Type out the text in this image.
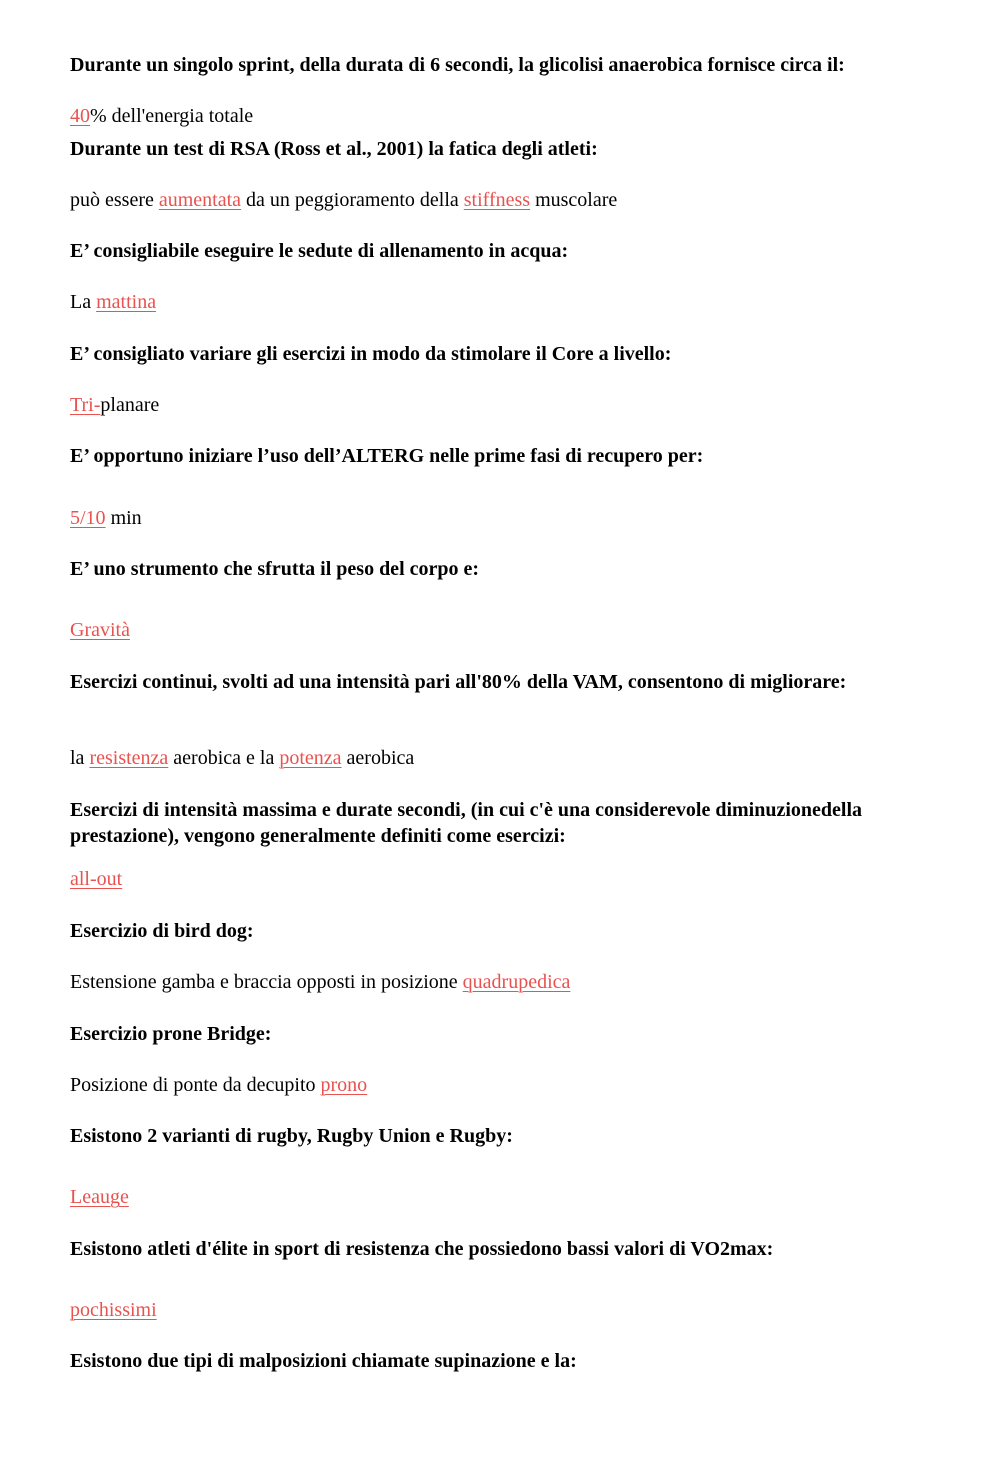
Durante un singolo sprint, della durata di 6 secondi, la glicolisi anaerobica fornisce circa il:

40% dell'energia totale

Durante un test di RSA (Ross et al., 2001) la fatica degli atleti:

può essere aumentata da un peggioramento della stiffness muscolare

E’ consigliabile eseguire le sedute di allenamento in acqua:

La mattina

E’ consigliato variare gli esercizi in modo da stimolare il Core a livello:

Tri-planare

E’ opportuno iniziare l’uso dell’ALTERG nelle prime fasi di recupero per:

5/10 min

E’ uno strumento che sfrutta il peso del corpo e:

Gravità

Esercizi continui, svolti ad una intensità pari all'80% della VAM, consentono di migliorare:

la resistenza aerobica e la potenza aerobica

Esercizi di intensità massima e durate secondi, (in cui c'è una considerevole diminuzionedella prestazione), vengono generalmente definiti come esercizi:

all-out

Esercizio di bird dog:

Estensione gamba e braccia opposti in posizione quadrupedica

Esercizio prone Bridge:

Posizione di ponte da decupito prono

Esistono 2 varianti di rugby, Rugby Union e Rugby:

Leauge

Esistono atleti d'élite in sport di resistenza che possiedono bassi valori di VO2max:

pochissimi

Esistono due tipi di malposizioni chiamate supinazione e la:
